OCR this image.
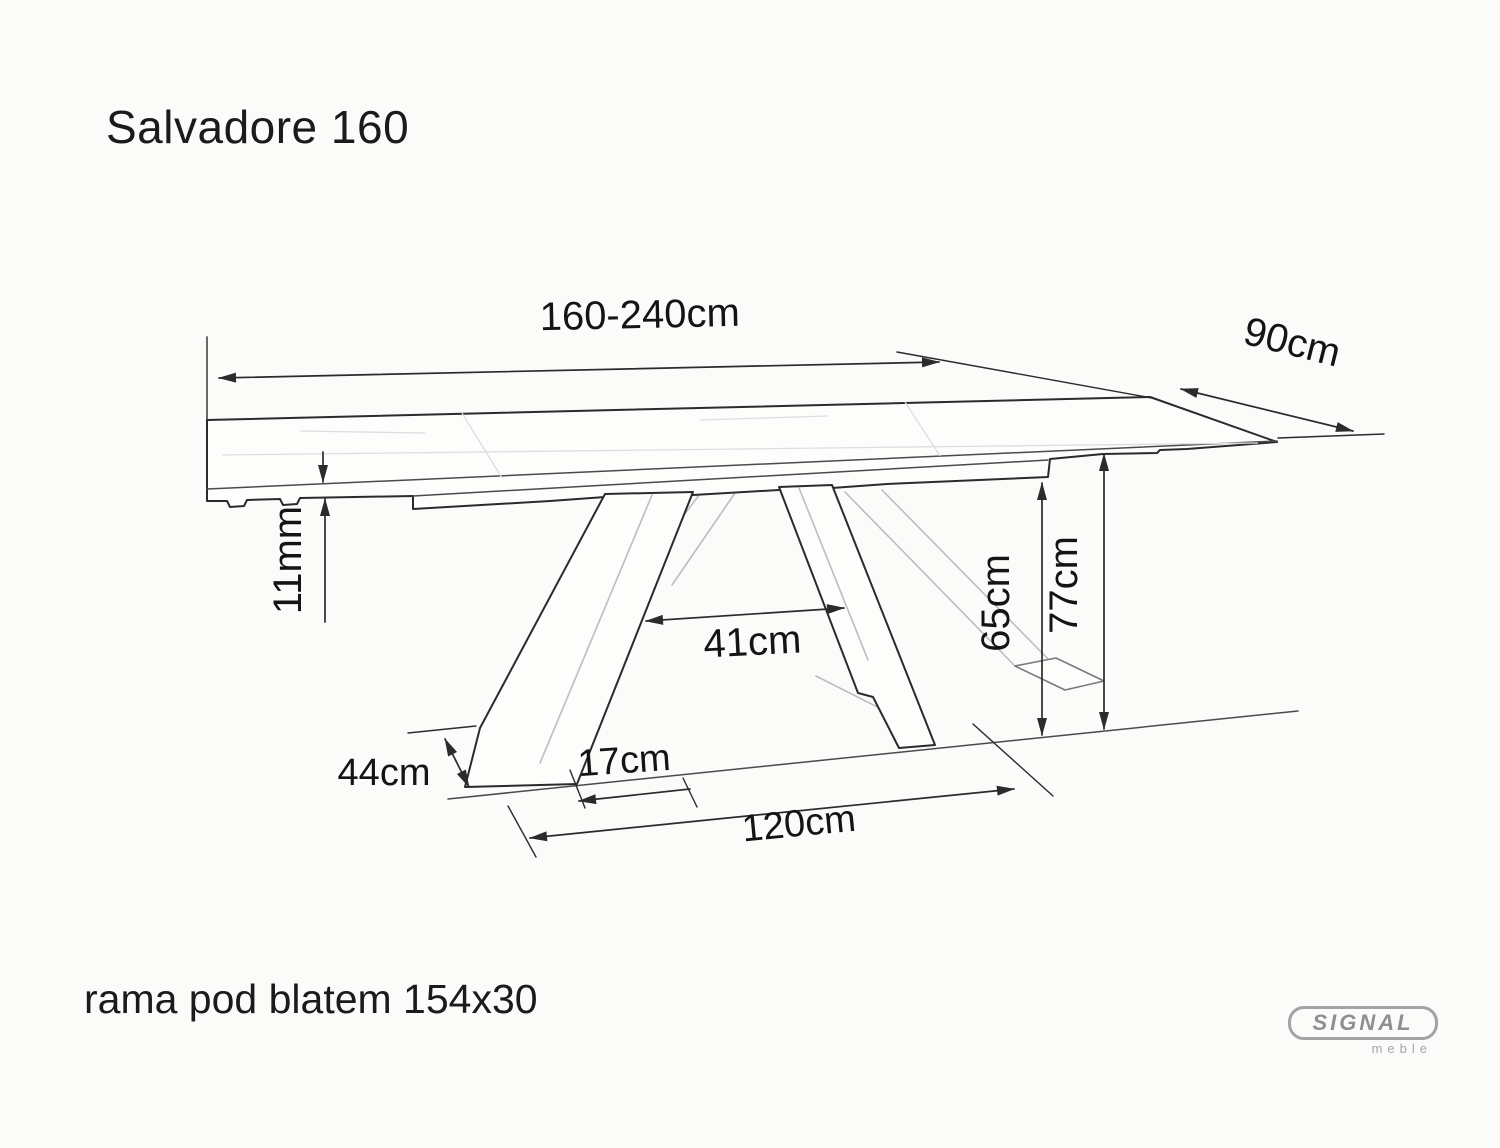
Salvadore 160
160-240cm	90cm
11mm
41cm	65cm 77cm
44cm	17cm
120cm
rama pod blatem 154x30
SIGNAL
meble
